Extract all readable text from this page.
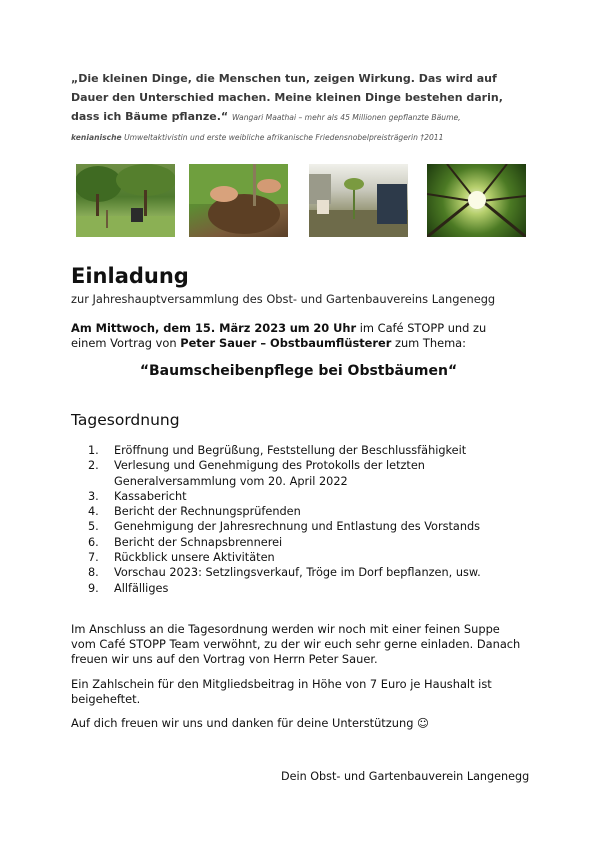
„Die kleinen Dinge, die Menschen tun, zeigen Wirkung. Das wird auf Dauer den Unterschied machen. Meine kleinen Dinge bestehen darin, dass ich Bäume pflanze.“ Wangari Maathai – mehr als 45 Millionen gepflanzte Bäume, kenianische Umweltaktivistin und erste weibliche afrikanische Friedensnobelpreisträgerin †2011
Einladung
zur Jahreshauptversammlung des Obst- und Gartenbauvereins Langenegg
Am Mittwoch, dem 15. März 2023 um 20 Uhr im Café STOPP und zu
einem Vortrag von Peter Sauer – Obstbaumflüsterer zum Thema:
“Baumscheibenpflege bei Obstbäumen“
Tagesordnung
1.	Eröffnung und Begrüßung, Feststellung der Beschlussfähigkeit
2.	Verlesung und Genehmigung des Protokolls der letzten Generalversammlung vom 20. April 2022
3.	Kassabericht
4.	Bericht der Rechnungsprüfenden
5.	Genehmigung der Jahresrechnung und Entlastung des Vorstands
6.	Bericht der Schnapsbrennerei
7.	Rückblick unsere Aktivitäten
8.	Vorschau 2023: Setzlingsverkauf, Tröge im Dorf bepflanzen, usw.
9.	Allfälliges
Im Anschluss an die Tagesordnung werden wir noch mit einer feinen Suppe vom Café STOPP Team verwöhnt, zu der wir euch sehr gerne einladen. Danach freuen wir uns auf den Vortrag von Herrn Peter Sauer.
Ein Zahlschein für den Mitgliedsbeitrag in Höhe von 7 Euro je Haushalt ist beigeheftet.
Auf dich freuen wir uns und danken für deine Unterstützung ☺
Dein Obst- und Gartenbauverein Langenegg
